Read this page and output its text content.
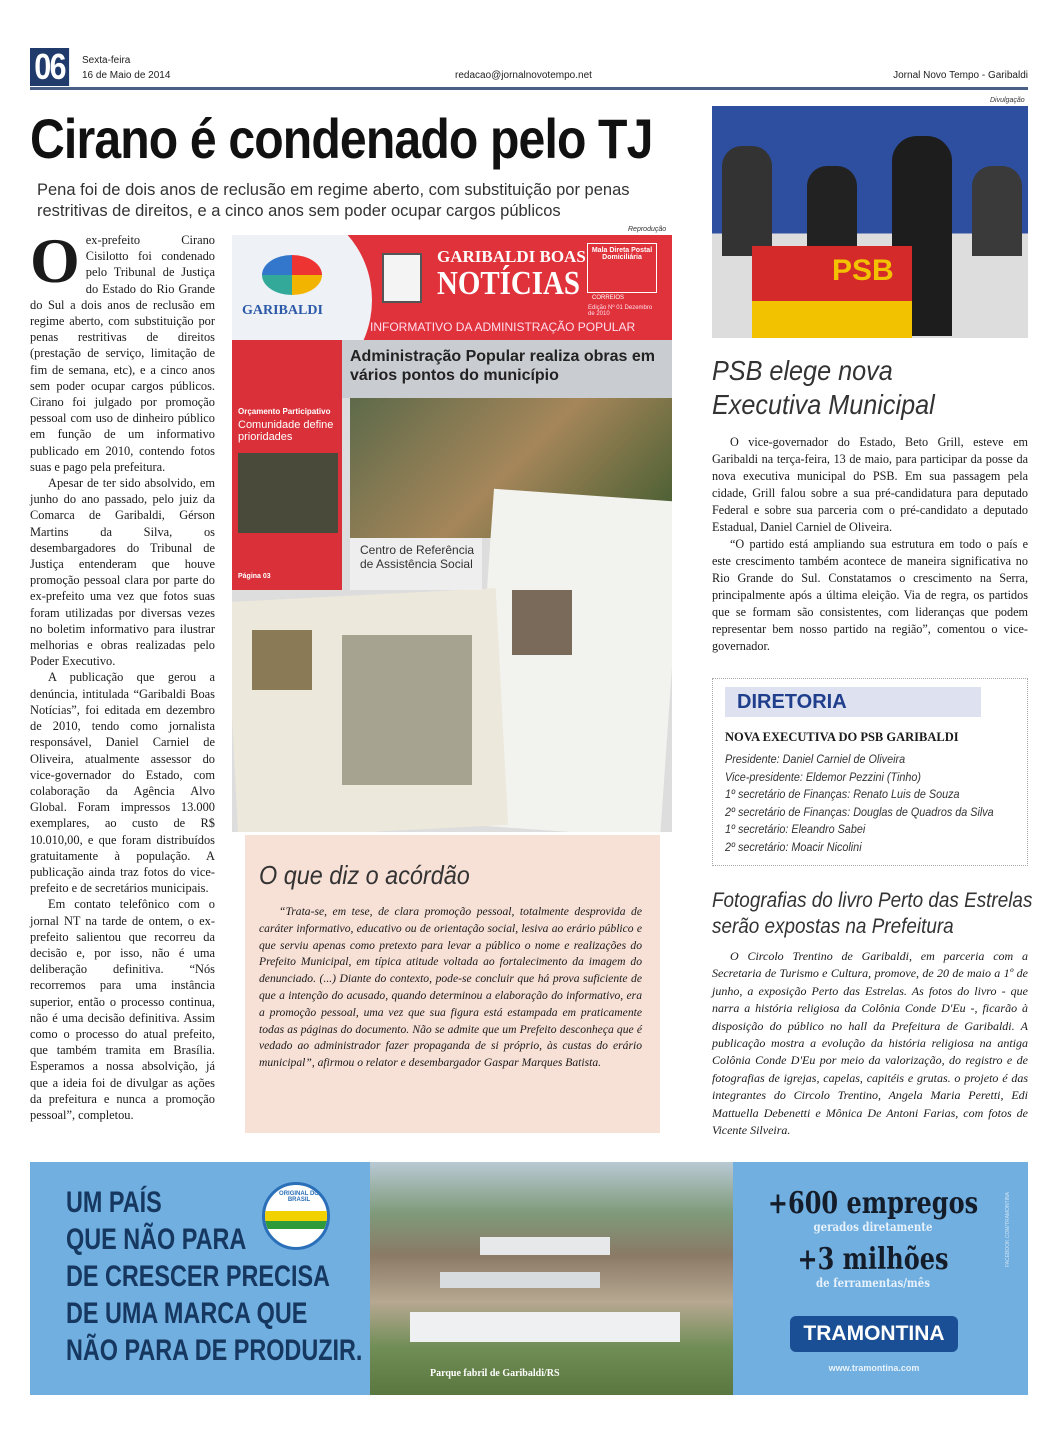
06	Sexta-feira
16 de Maio de 2014	redacao@jornalnovotempo.net	Jornal Novo Tempo - Garibaldi
Cirano é condenado pelo TJ
Pena foi de dois anos de reclusão em regime aberto, com substituição por penas restritivas de direitos, e a cinco anos sem poder ocupar cargos públicos

Oex-prefeito Cirano Cisilotto foi condenado pelo Tribunal de Justiça do Estado do Rio Grande do Sul a dois anos de reclusão em regime aberto, com substituição por penas restritivas de direitos (prestação de serviço, limitação de fim de semana, etc), e a cinco anos sem poder ocupar cargos públicos. Cirano foi julgado por promoção pessoal com uso de dinheiro público em função de um informativo publicado em 2010, contendo fotos suas e pago pela prefeitura.

Apesar de ter sido absolvido, em junho do ano passado, pelo juiz da Comarca de Garibaldi, Gérson Martins da Silva, os desembargadores do Tribunal de Justiça entenderam que houve promoção pessoal clara por parte do ex-prefeito uma vez que fotos suas foram utilizadas por diversas vezes no boletim informativo para ilustrar melhorias e obras realizadas pelo Poder Executivo.

A publicação que gerou a denúncia, intitulada “Garibaldi Boas Notícias”, foi editada em dezembro de 2010, tendo como jornalista responsável, Daniel Carniel de Oliveira, atualmente assessor do vice-governador do Estado, com colaboração da Agência Alvo Global. Foram impressos 13.000 exemplares, ao custo de R$ 10.010,00, e que foram distribuídos gratuitamente à população. A publicação ainda traz fotos do vice-prefeito e de secretários municipais.

Em contato telefônico com o jornal NT na tarde de ontem, o ex-prefeito salientou que recorreu da decisão e, por isso, não é uma deliberação definitiva. “Nós recorremos para uma instância superior, então o processo continua, não é uma decisão definitiva. Assim como o processo do atual prefeito, que também tramita em Brasília. Esperamos a nossa absolvição, já que a ideia foi de divulgar as ações da prefeitura e nunca a promoção pessoal”, completou.

Reprodução
GARIBALDI
GARIBALDI BOAS
NOTÍCIAS
Mala Direta Postal Domiciliária
CORREIOS
Edição Nº 01 Dezembro de 2010
INFORMATIVO DA ADMINISTRAÇÃO POPULAR
Orçamento Participativo
Comunidade define prioridades
Página 03
Administração Popular realiza obras em vários pontos do município
Centro de Referência de Assistência Social
O que diz o acórdão

“Trata-se, em tese, de clara promoção pessoal, totalmente desprovida de caráter informativo, educativo ou de orientação social, lesiva ao erário público e que serviu apenas como pretexto para levar a público o nome e realizações do Prefeito Municipal, em típica atitude voltada ao fortalecimento da imagem do denunciado. (...) Diante do contexto, pode-se concluir que há prova suficiente de que a intenção do acusado, quando determinou a elaboração do informativo, era a promoção pessoal, uma vez que sua figura está estampada em praticamente todas as páginas do documento. Não se admite que um Prefeito desconheça que é vedado ao administrador fazer propaganda de si próprio, às custas do erário municipal”, afirmou o relator e desembargador Gaspar Marques Batista.

Divulgação
PSB
PSB elege nova
Executiva Municipal

O vice-governador do Estado, Beto Grill, esteve em Garibaldi na terça-feira, 13 de maio, para participar da posse da nova executiva municipal do PSB. Em sua passagem pela cidade, Grill falou sobre a sua pré-candidatura para deputado Federal e sobre sua parceria com o pré-candidato a deputado Estadual, Daniel Carniel de Oliveira.

“O partido está ampliando sua estrutura em todo o país e este crescimento também acontece de maneira significativa no Rio Grande do Sul. Constatamos o crescimento na Serra, principalmente após a última eleição. Via de regra, os partidos que se formam são consistentes, com lideranças que podem representar bem nosso partido na região”, comentou o vice-governador.

DIRETORIA
NOVA EXECUTIVA DO PSB GARIBALDI
Presidente: Daniel Carniel de Oliveira
Vice-presidente: Eldemor Pezzini (Tinho)
1º secretário de Finanças: Renato Luis de Souza
2º secretário de Finanças: Douglas de Quadros da Silva
1º secretário: Eleandro Sabei
2º secretário: Moacir Nicolini
Fotografias do livro Perto das Estrelas
serão expostas na Prefeitura

O Circolo Trentino de Garibaldi, em parceria com a Secretaria de Turismo e Cultura, promove, de 20 de maio a 1º de junho, a exposição Perto das Estrelas. As fotos do livro - que narra a história religiosa da Colônia Conde D'Eu -, ficarão à disposição do público no hall da Prefeitura de Garibaldi. A publicação mostra a evolução da história religiosa na antiga Colônia Conde D'Eu por meio da valorização, do registro e de fotografias de igrejas, capelas, capitéis e grutas. o projeto é das integrantes do Circolo Trentino, Angela Maria Peretti, Edi Mattuella Debenetti e Mônica De Antoni Farias, com fotos de Vicente Silveira.

UM PAÍS
QUE NÃO PARA
DE CRESCER PRECISA
DE UMA MARCA QUE
NÃO PARA DE PRODUZIR.
ORIGINAL DO BRASIL
Parque fabril de Garibaldi/RS
+600 empregos
gerados diretamente
+3 milhões
de ferramentas/mês
TRAMONTINA
www.tramontina.com
FACEBOOK.COM/TRAMONTINA
